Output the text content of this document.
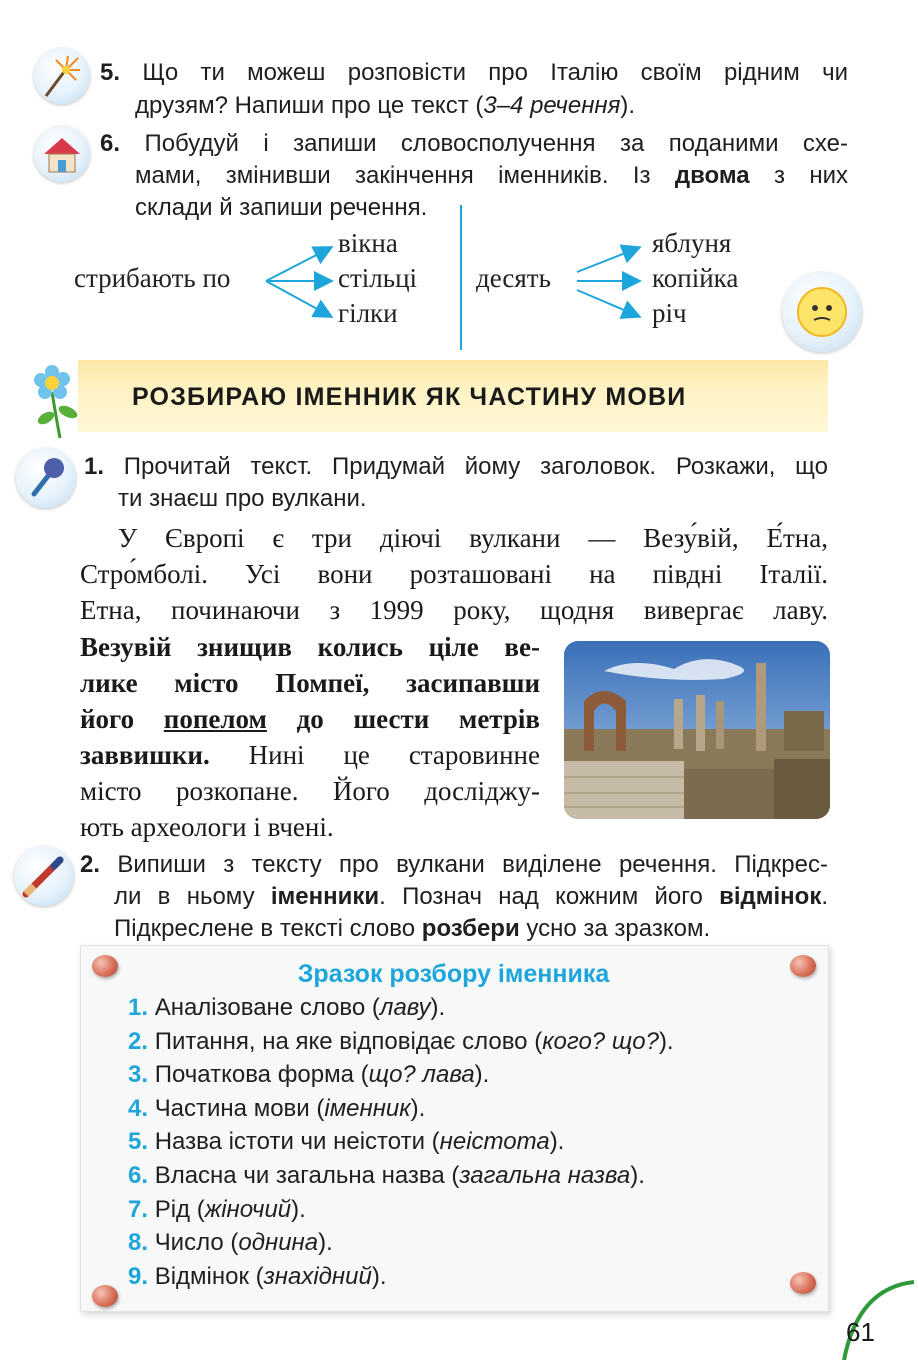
5. Що ти можеш розповісти про Італію своїм рідним чи
друзям? Напиши про це текст (3–4 речення).
6. Побудуй і запиши словосполучення за поданими схе-
мами, змінивши закінчення іменників. Із двома з них
склади й запиши речення.
стрибають по
вікна
стільці
гілки
десять
яблуня
копійка
річ
РОЗБИРАЮ ІМЕННИК ЯК ЧАСТИНУ МОВИ
1. Прочитай текст. Придумай йому заголовок. Розкажи, що
ти знаєш про вулкани.
У Європі є три діючі вулкани — Везу́вій, Е́тна,
Стро́мболі. Усі вони розташовані на півдні Італії.
Етна, починаючи з 1999 року, щодня вивергає лаву.
Везувій знищив колись ціле ве-
лике місто Помпеї, засипавши
його попелом до шести метрів
заввишки. Нині це старовинне
місто розкопане. Його досліджу-
ють археологи і вчені.
2. Випиши з тексту про вулкани виділене речення. Підкрес-
ли в ньому іменники. Познач над кожним його відмінок.
Підкреслене в тексті слово розбери усно за зразком.
Зразок розбору іменника
1. Аналізоване слово (лаву).
2. Питання, на яке відповідає слово (кого? що?).
3. Початкова форма (що? лава).
4. Частина мови (іменник).
5. Назва істоти чи неістоти (неістота).
6. Власна чи загальна назва (загальна назва).
7. Рід (жіночий).
8. Число (однина).
9. Відмінок (знахідний).
61
